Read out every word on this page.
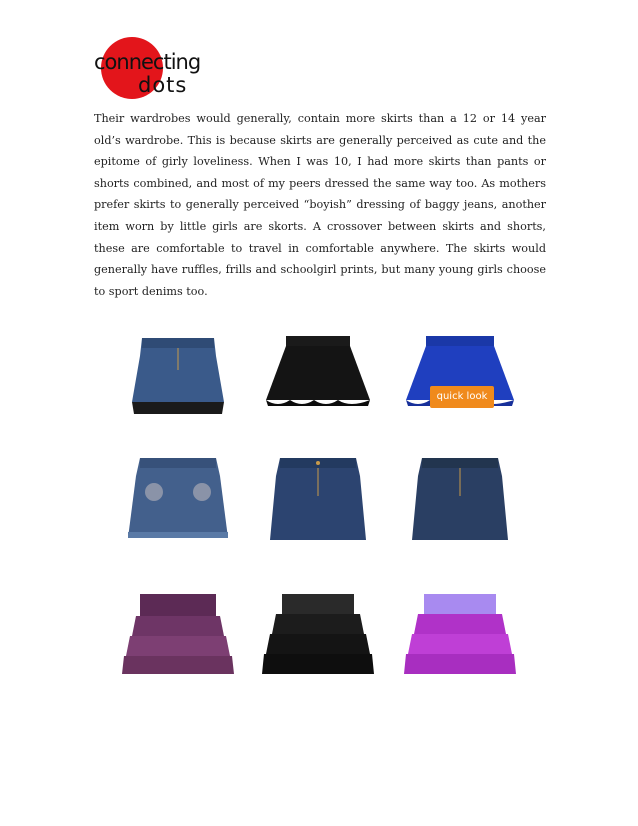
connecting
dots

Their wardrobes would generally, contain more skirts than a 12 or 14 year old’s wardrobe. This is because skirts are generally perceived as cute and the epitome of girly loveliness. When I was 10, I had more skirts than pants or shorts combined, and most of my peers dressed the same way too. As mothers prefer skirts to generally perceived “boyish” dressing of baggy jeans, another item worn by little girls are skorts. A crossover between skirts and shorts, these are comfortable to travel in comfortable anywhere. The skirts would generally have ruffles, frills and schoolgirl prints, but many young girls choose to sport denims too.

quick look
